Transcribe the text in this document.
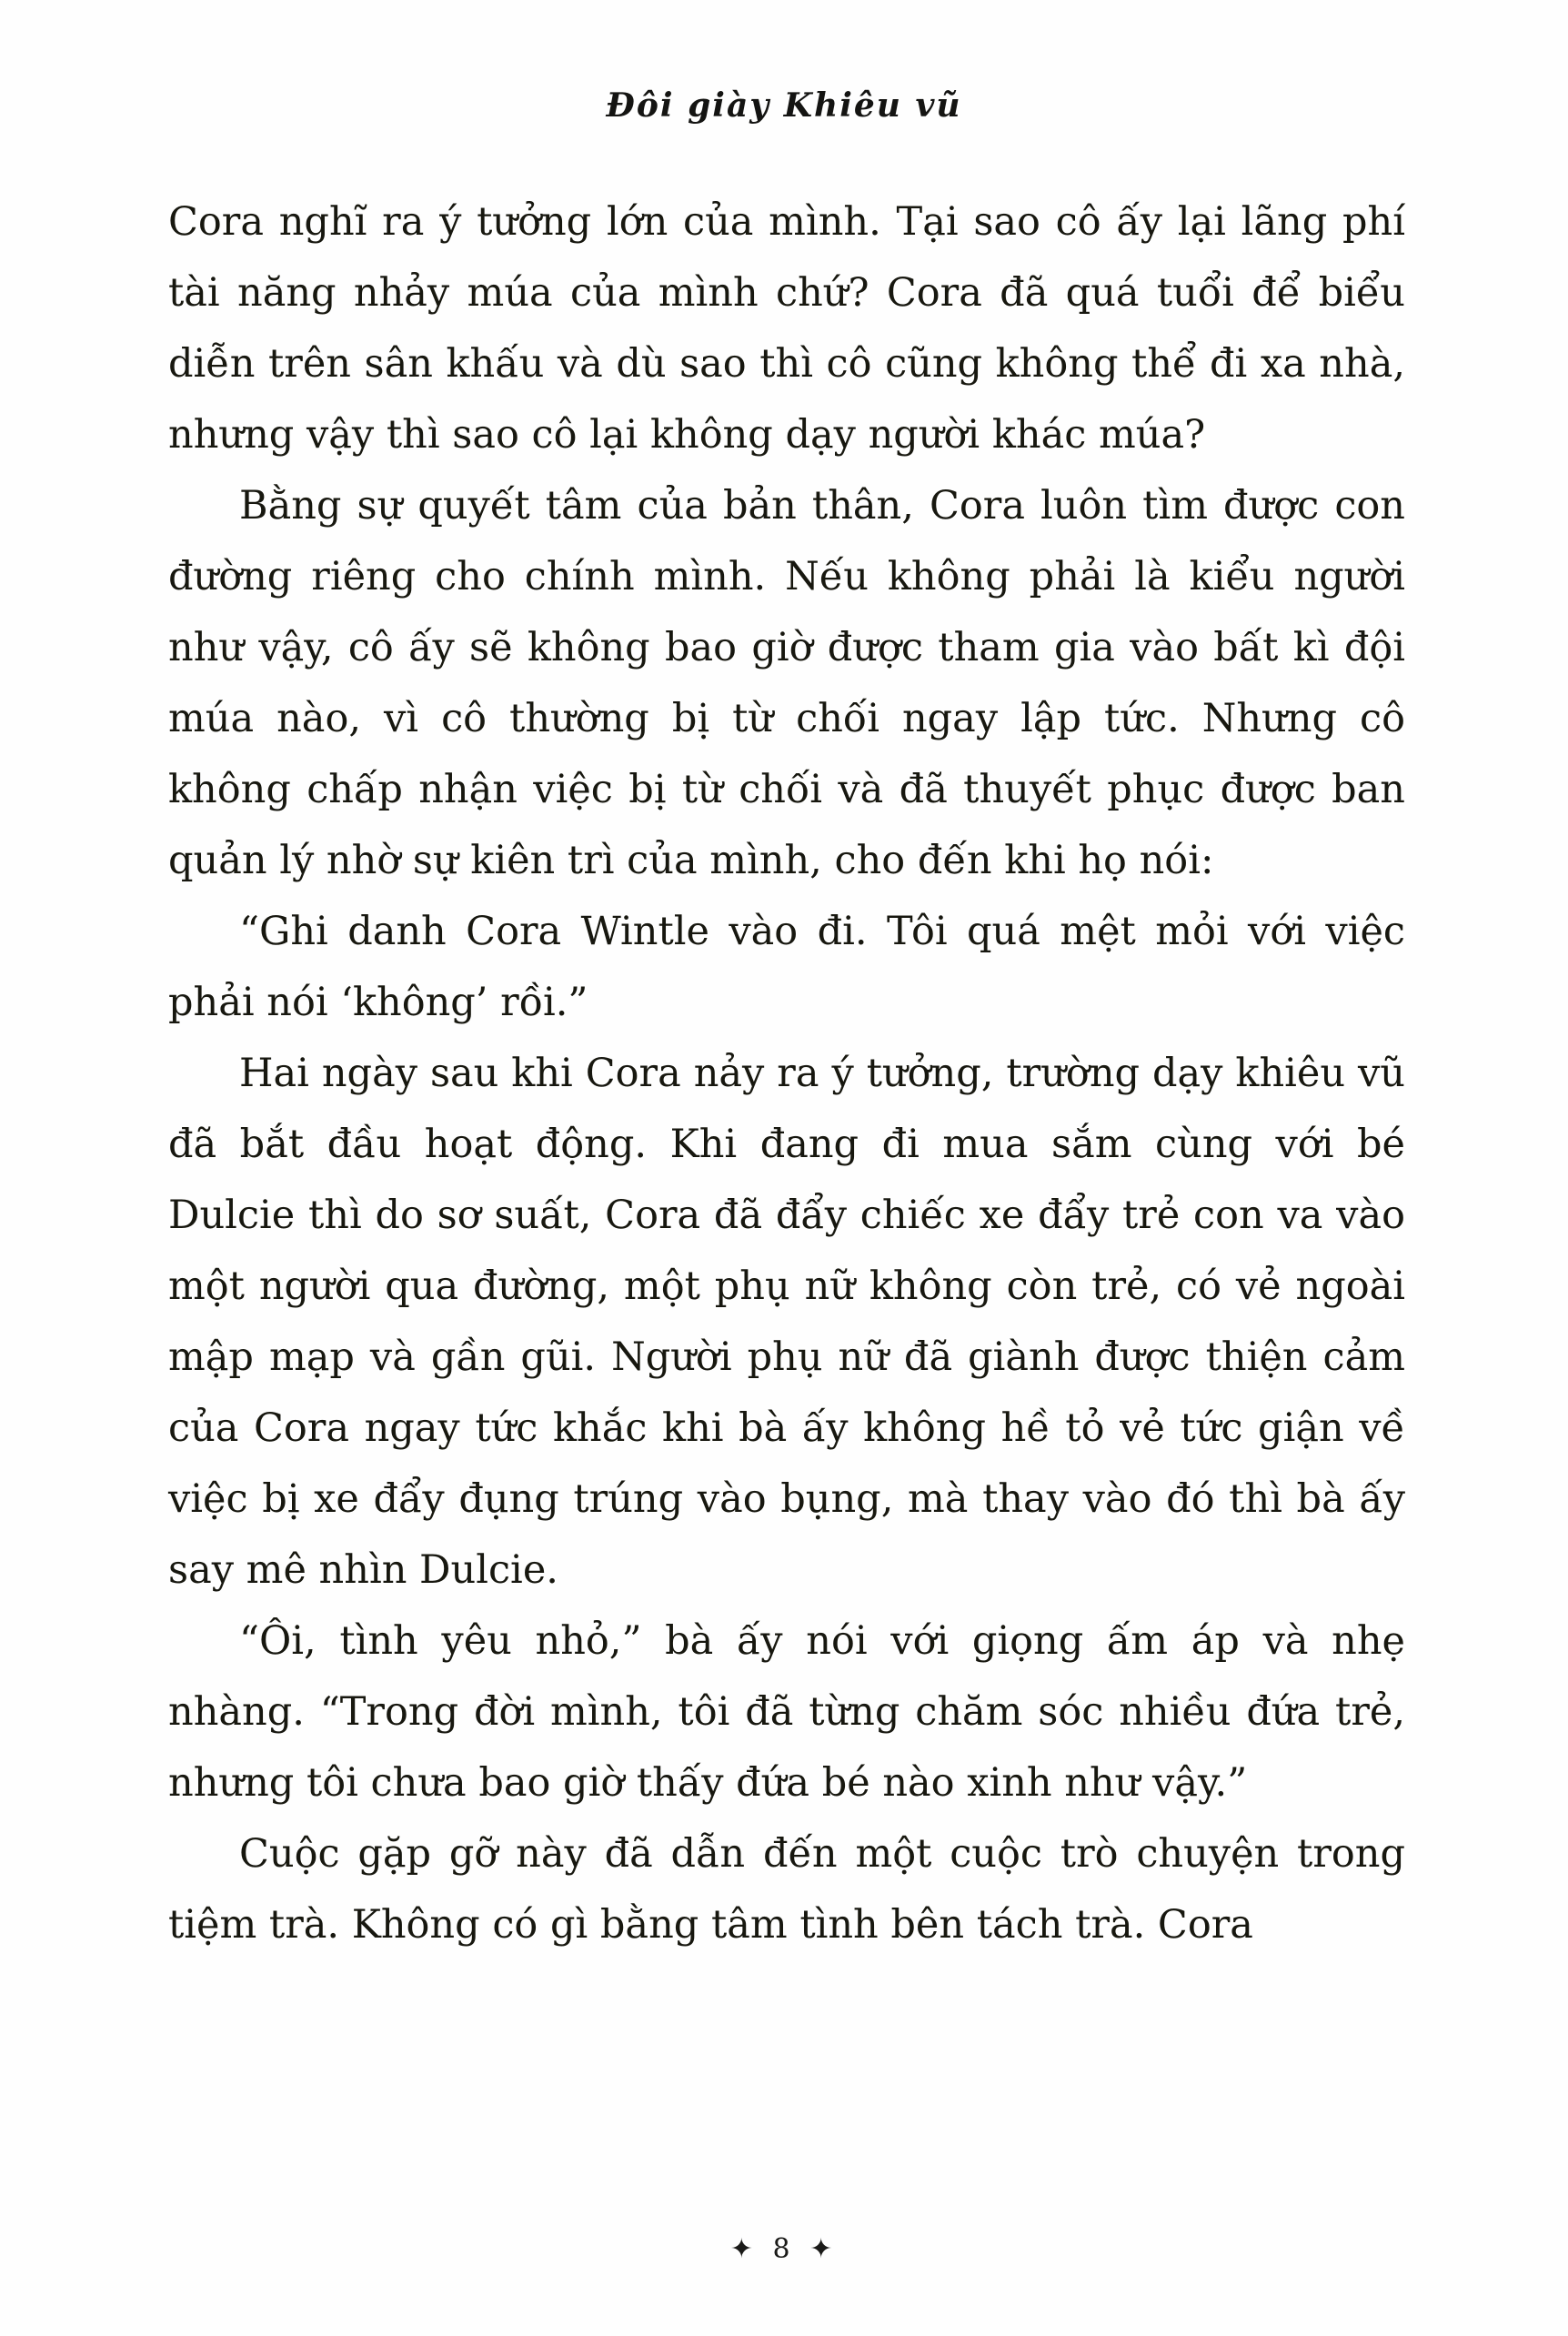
Đôi giày Khiêu vũ

Cora nghĩ ra ý tưởng lớn của mình. Tại sao cô ấy lại lãng phí tài năng nhảy múa của mình chứ? Cora đã quá tuổi để biểu diễn trên sân khấu và dù sao thì cô cũng không thể đi xa nhà, nhưng vậy thì sao cô lại không dạy người khác múa?

Bằng sự quyết tâm của bản thân, Cora luôn tìm được con đường riêng cho chính mình. Nếu không phải là kiểu người như vậy, cô ấy sẽ không bao giờ được tham gia vào bất kì đội múa nào, vì cô thường bị từ chối ngay lập tức. Nhưng cô không chấp nhận việc bị từ chối và đã thuyết phục được ban quản lý nhờ sự kiên trì của mình, cho đến khi họ nói:

“Ghi danh Cora Wintle vào đi. Tôi quá mệt mỏi với việc phải nói ‘không’ rồi.”

Hai ngày sau khi Cora nảy ra ý tưởng, trường dạy khiêu vũ đã bắt đầu hoạt động. Khi đang đi mua sắm cùng với bé Dulcie thì do sơ suất, Cora đã đẩy chiếc xe đẩy trẻ con va vào một người qua đường, một phụ nữ không còn trẻ, có vẻ ngoài mập mạp và gần gũi. Người phụ nữ đã giành được thiện cảm của Cora ngay tức khắc khi bà ấy không hề tỏ vẻ tức giận về việc bị xe đẩy đụng trúng vào bụng, mà thay vào đó thì bà ấy say mê nhìn Dulcie.

“Ôi, tình yêu nhỏ,” bà ấy nói với giọng ấm áp và nhẹ nhàng. “Trong đời mình, tôi đã từng chăm sóc nhiều đứa trẻ, nhưng tôi chưa bao giờ thấy đứa bé nào xinh như vậy.”

Cuộc gặp gỡ này đã dẫn đến một cuộc trò chuyện trong tiệm trà. Không có gì bằng tâm tình bên tách trà. Cora

✦ 8 ✦
